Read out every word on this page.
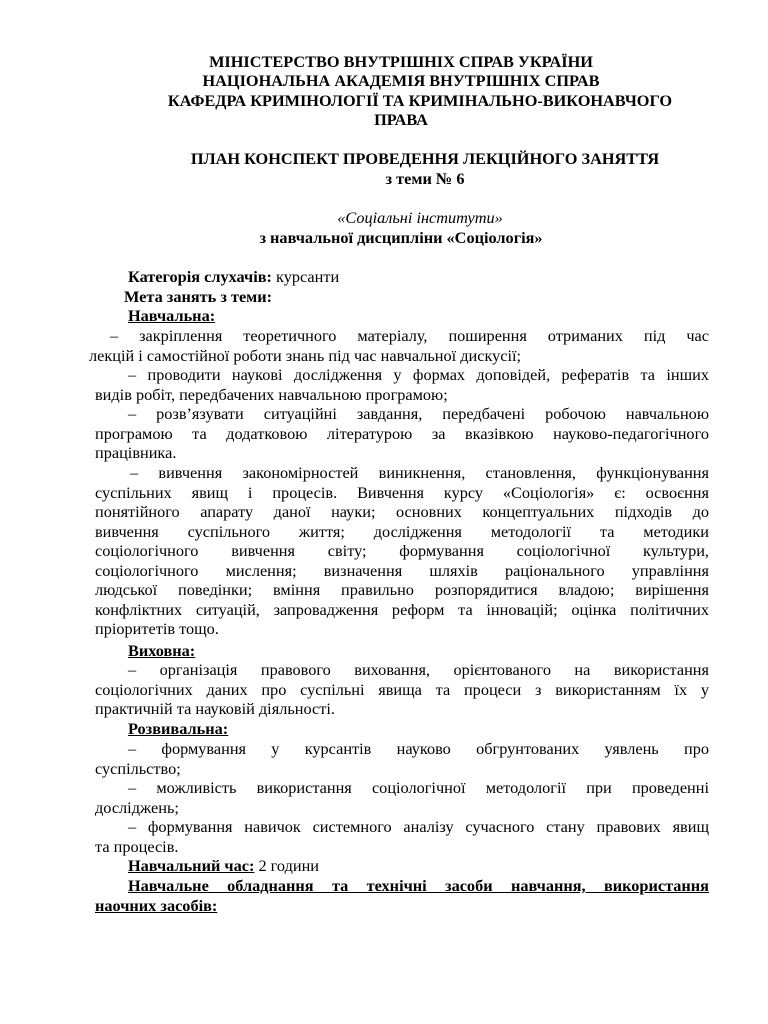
МІНІСТЕРСТВО ВНУТРІШНІХ СПРАВ УКРАЇНИ
НАЦІОНАЛЬНА АКАДЕМІЯ ВНУТРІШНІХ СПРАВ
КАФЕДРА КРИМІНОЛОГІЇ ТА КРИМІНАЛЬНО-ВИКОНАВЧОГО
ПРАВА
ПЛАН КОНСПЕКТ ПРОВЕДЕННЯ ЛЕКЦІЙНОГО ЗАНЯТТЯ
з теми № 6
«Соціальні інститути»
з навчальної дисципліни «Соціологія»
Категорія слухачів: курсанти
Мета занять з теми:
Навчальна:
– закріплення теоретичного матеріалу, поширення отриманих під час
лекцій і самостійної роботи знань під час навчальної дискусії;
– проводити наукові дослідження у формах доповідей, рефератів та інших
видів робіт, передбачених навчальною програмою;
– розв’язувати ситуаційні завдання, передбачені робочою навчальною
програмою та додатковою літературою за вказівкою науково-педагогічного
працівника.
– вивчення закономірностей виникнення, становлення, функціонування
суспільних явищ і процесів. Вивчення курсу «Соціологія» є: освоєння
понятійного апарату даної науки; основних концептуальних підходів до
вивчення суспільного життя; дослідження методології та методики
соціологічного вивчення світу; формування соціологічної культури,
соціологічного мислення; визначення шляхів раціонального управління
людської поведінки; вміння правильно розпорядитися владою; вирішення
конфліктних ситуацій, запровадження реформ та інновацій; оцінка політичних
пріоритетів тощо.
Виховна:
– організація правового виховання, орієнтованого на використання
соціологічних даних про суспільні явища та процеси з використанням їх у
практичній та науковій діяльності.
Розвивальна:
– формування у курсантів науково обгрунтованих уявлень про
суспільство;
– можливість використання соціологічної методології при проведенні
досліджень;
– формування навичок системного аналізу сучасного стану правових явищ
та процесів.
Навчальний час: 2 години
Навчальне обладнання та технічні засоби навчання, використання
наочних засобів:
